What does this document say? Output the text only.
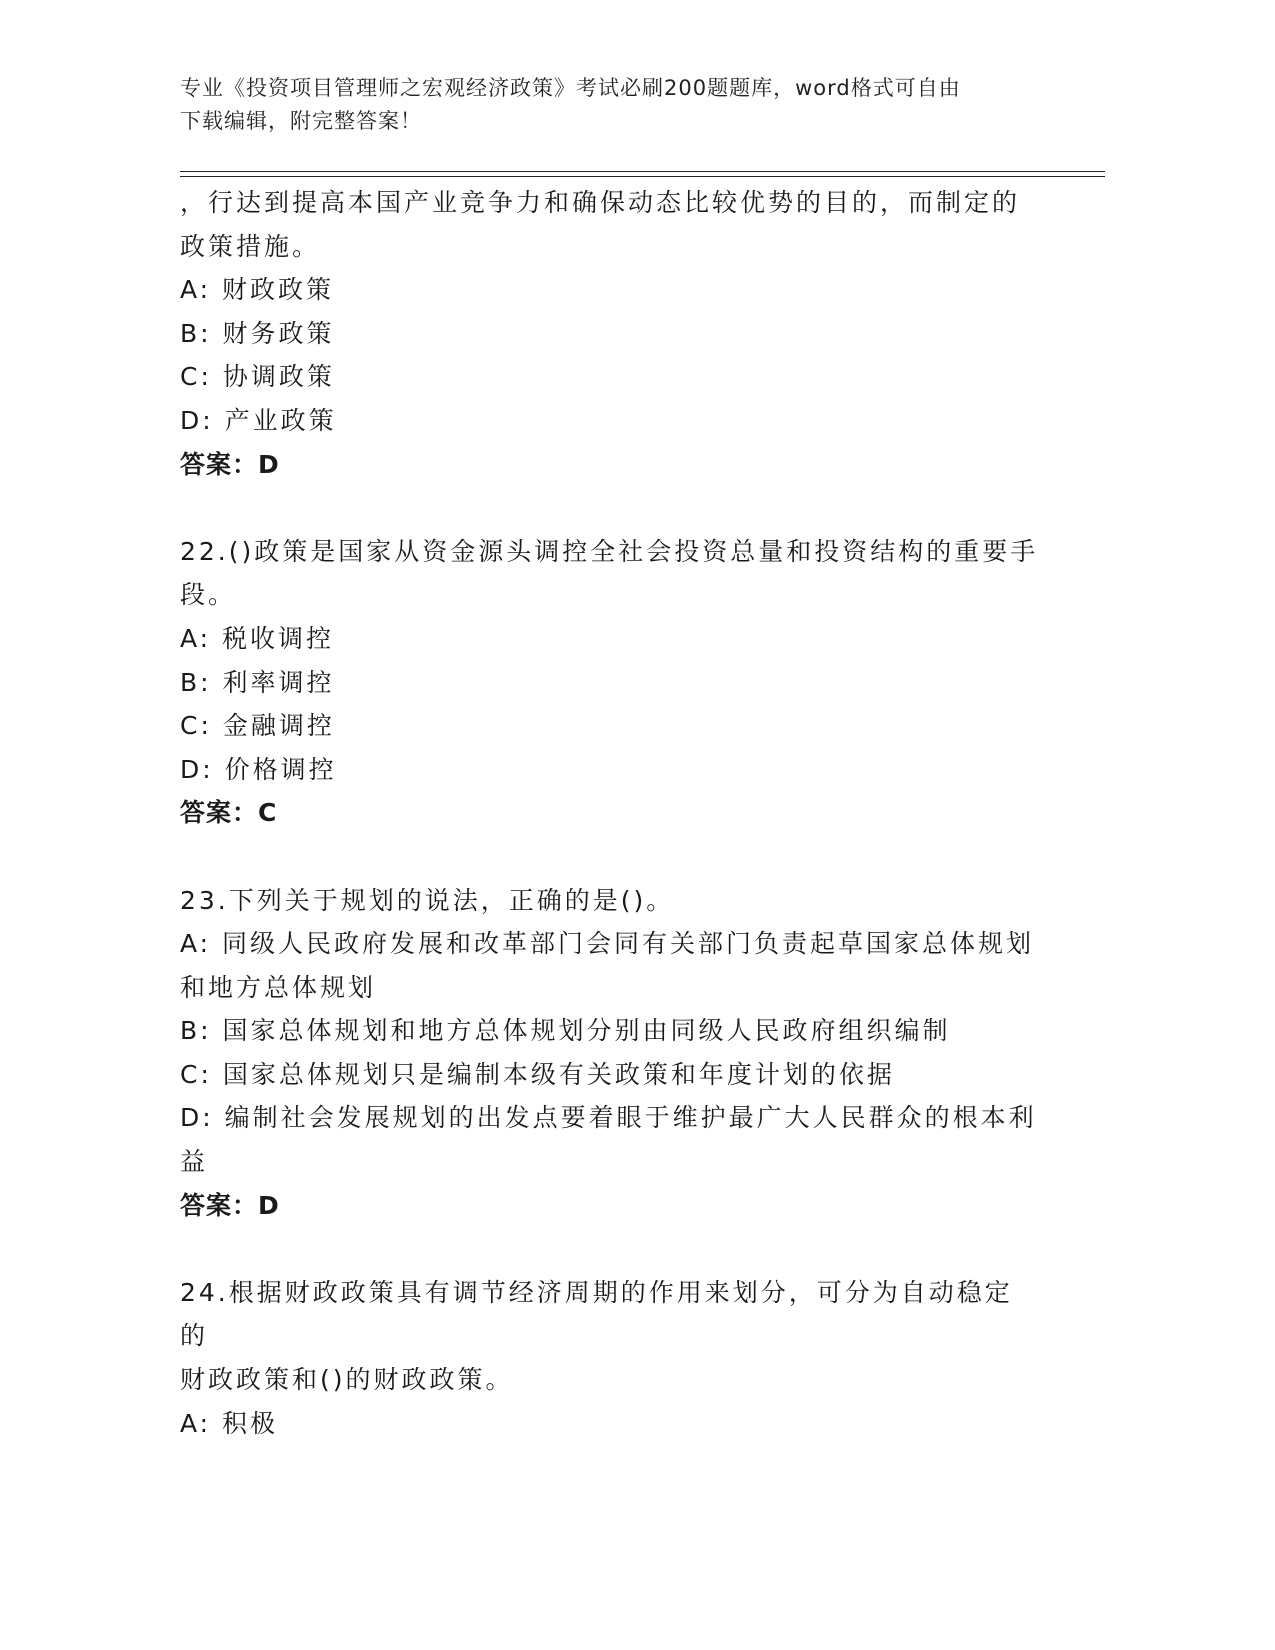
专业《投资项目管理师之宏观经济政策》考试必刷200题题库，word格式可自由
下载编辑，附完整答案！

，行达到提高本国产业竞争力和确保动态比较优势的目的，而制定的

政策措施。

A: 财政政策

B: 财务政策

C: 协调政策

D: 产业政策

答案：D

22.()政策是国家从资金源头调控全社会投资总量和投资结构的重要手

段。

A: 税收调控

B: 利率调控

C: 金融调控

D: 价格调控

答案：C

23.下列关于规划的说法，正确的是()。

A: 同级人民政府发展和改革部门会同有关部门负责起草国家总体规划

和地方总体规划

B: 国家总体规划和地方总体规划分别由同级人民政府组织编制

C: 国家总体规划只是编制本级有关政策和年度计划的依据

D: 编制社会发展规划的出发点要着眼于维护最广大人民群众的根本利

益

答案：D

24.根据财政政策具有调节经济周期的作用来划分，可分为自动稳定的

财政政策和()的财政政策。

A: 积极
